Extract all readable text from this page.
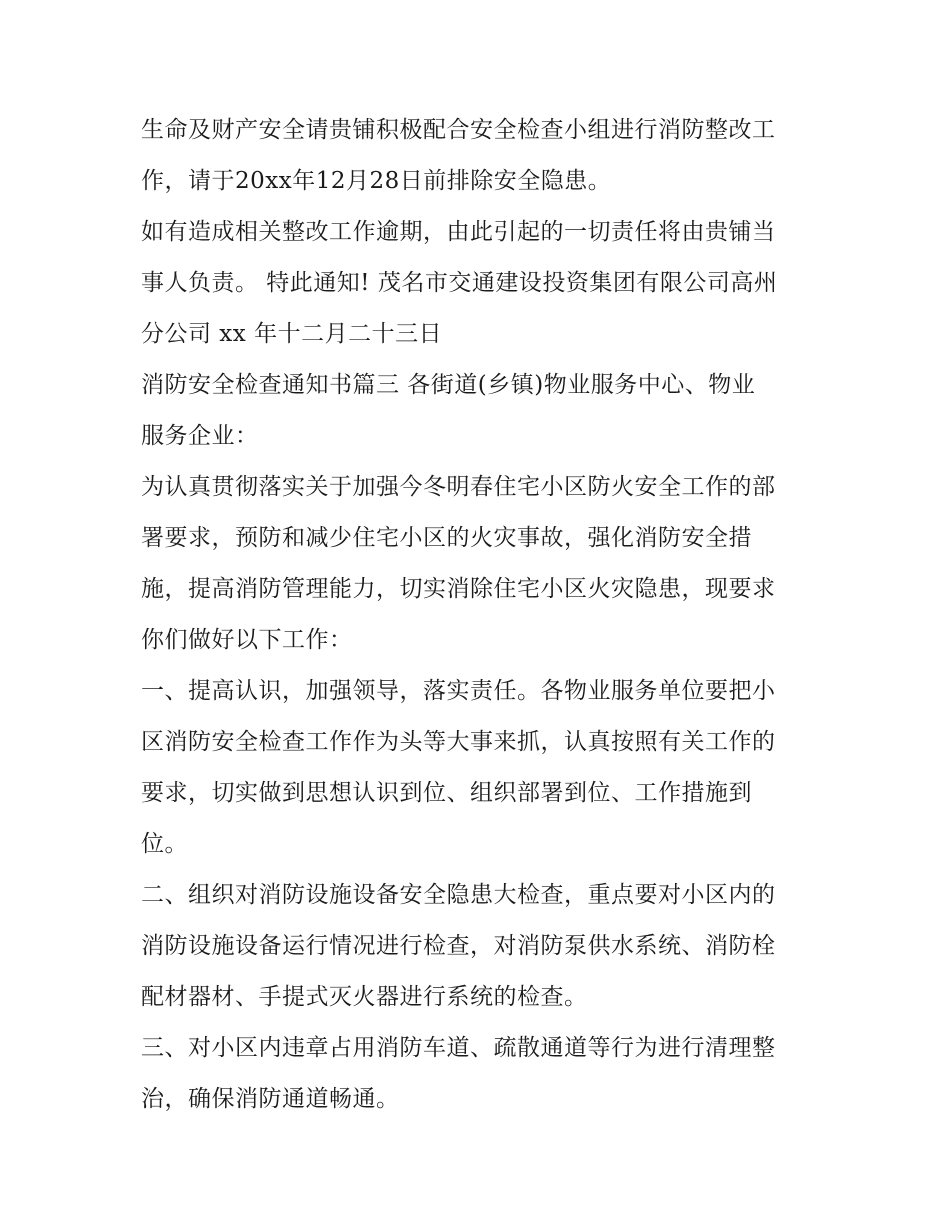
生命及财产安全请贵铺积极配合安全检查小组进行消防整改工
作，请于20xx年12月28日前排除安全隐患。
如有造成相关整改工作逾期，由此引起的一切责任将由贵铺当
事人负责。 特此通知! 茂名市交通建设投资集团有限公司高州
分公司 xx 年十二月二十三日
消防安全检查通知书篇三 各街道(乡镇)物业服务中心、物业
服务企业：
为认真贯彻落实关于加强今冬明春住宅小区防火安全工作的部
署要求，预防和减少住宅小区的火灾事故，强化消防安全措
施，提高消防管理能力，切实消除住宅小区火灾隐患，现要求
你们做好以下工作：
一、提高认识，加强领导，落实责任。各物业服务单位要把小
区消防安全检查工作作为头等大事来抓，认真按照有关工作的
要求，切实做到思想认识到位、组织部署到位、工作措施到
位。
二、组织对消防设施设备安全隐患大检查，重点要对小区内的
消防设施设备运行情况进行检查，对消防泵供水系统、消防栓
配材器材、手提式灭火器进行系统的检查。
三、对小区内违章占用消防车道、疏散通道等行为进行清理整
治，确保消防通道畅通。
